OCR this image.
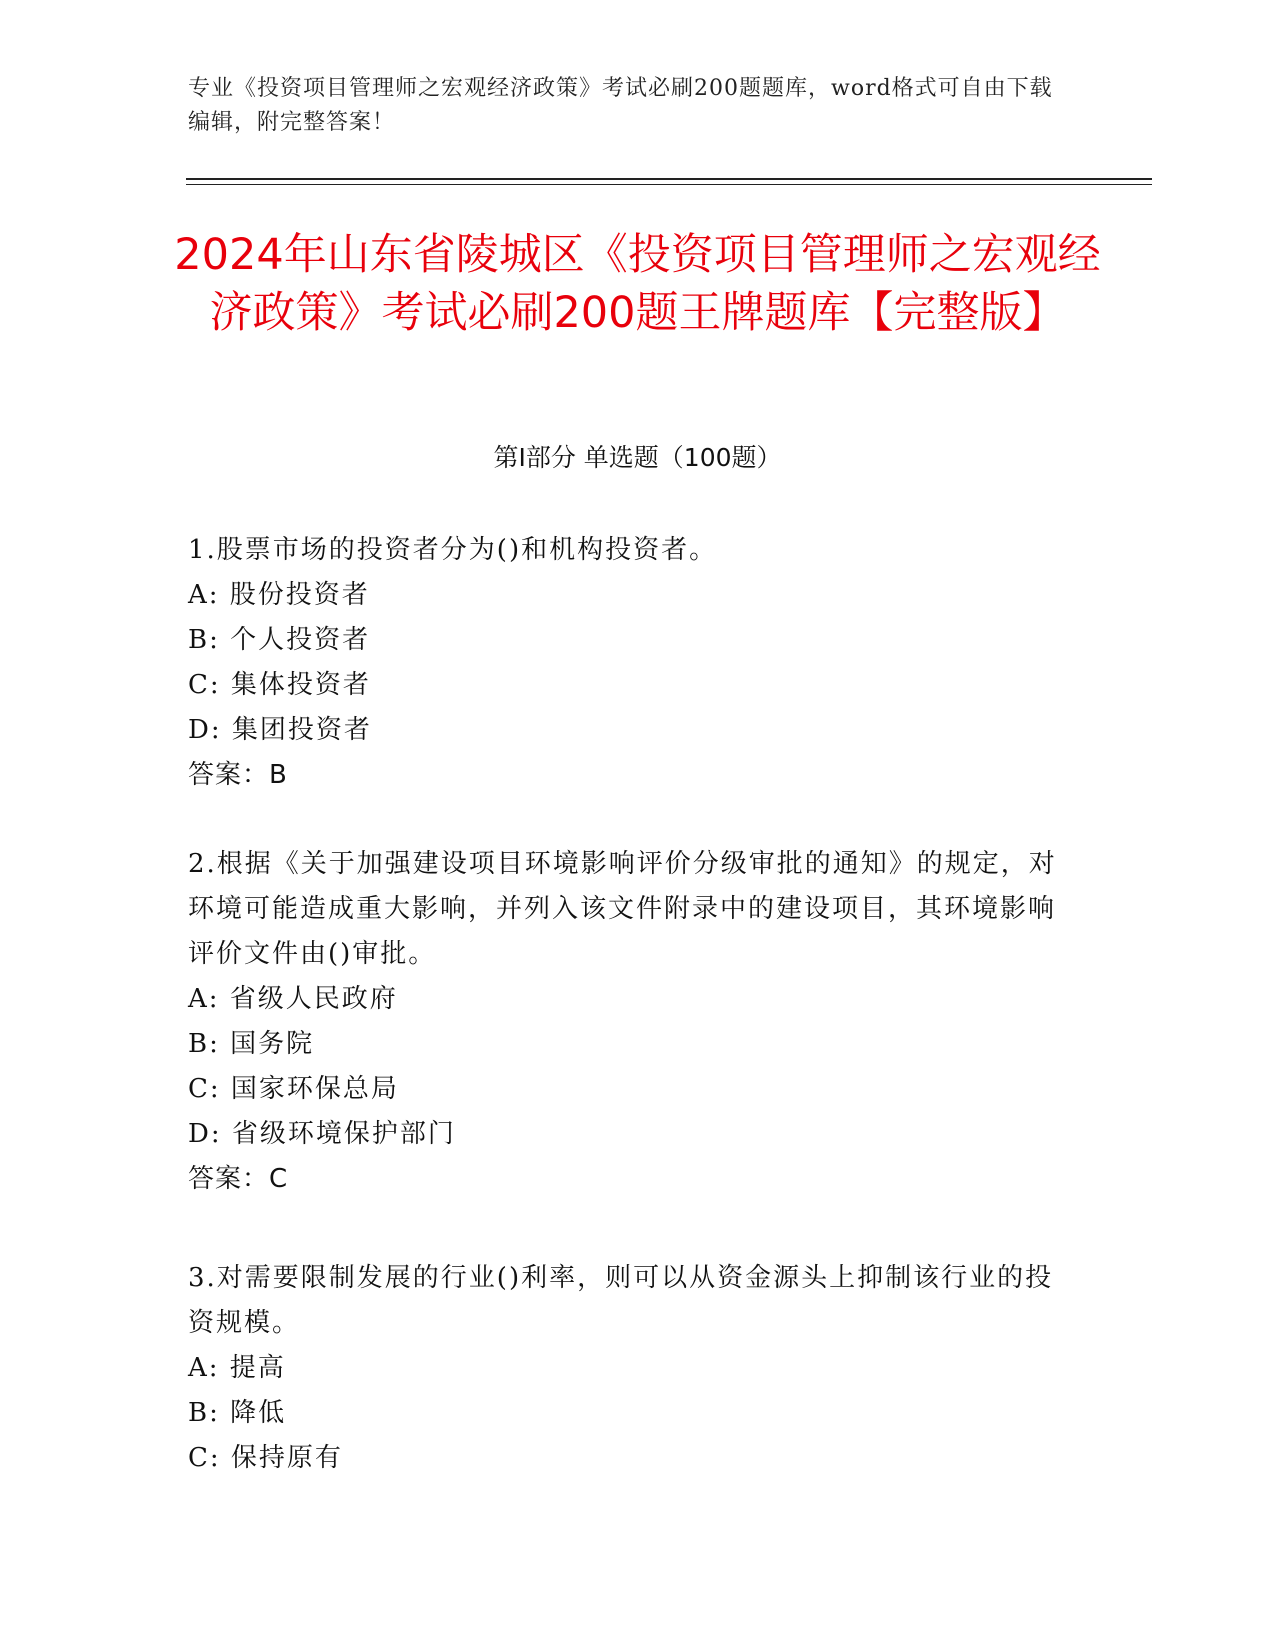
专业《投资项目管理师之宏观经济政策》考试必刷200题题库，word格式可自由下载编辑，附完整答案！
2024年山东省陵城区《投资项目管理师之宏观经济政策》考试必刷200题王牌题库【完整版】
第Ⅰ部分 单选题（100题）

1.股票市场的投资者分为()和机构投资者。

A: 股份投资者

B: 个人投资者

C: 集体投资者

D: 集团投资者

答案：B

2.根据《关于加强建设项目环境影响评价分级审批的通知》的规定，对环境可能造成重大影响，并列入该文件附录中的建设项目，其环境影响评价文件由()审批。

A: 省级人民政府

B: 国务院

C: 国家环保总局

D: 省级环境保护部门

答案：C

3.对需要限制发展的行业()利率，则可以从资金源头上抑制该行业的投资规模。

A: 提高

B: 降低

C: 保持原有
